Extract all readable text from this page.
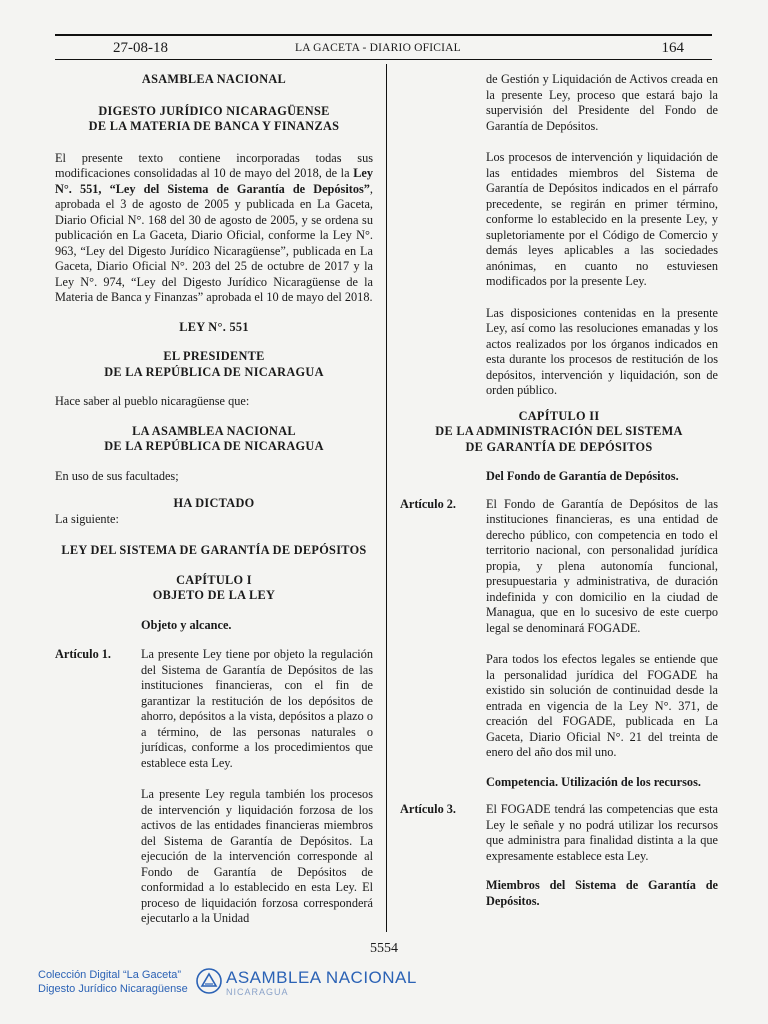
27-08-18	LA GACETA - DIARIO OFICIAL	164

ASAMBLEA NACIONAL

DIGESTO JURÍDICO NICARAGÜENSE

DE LA MATERIA DE BANCA Y FINANZAS

El presente texto contiene incorporadas todas sus modificaciones consolidadas al 10 de mayo del 2018, de la Ley N°. 551, “Ley del Sistema de Garantía de Depósitos”, aprobada el 3 de agosto de 2005 y publicada en La Gaceta, Diario Oficial N°. 168 del 30 de agosto de 2005, y se ordena su publicación en La Gaceta, Diario Oficial, conforme la Ley N°. 963, “Ley del Digesto Jurídico Nicaragüense”, publicada en La Gaceta, Diario Oficial N°. 203 del 25 de octubre de 2017 y la Ley N°. 974, “Ley del Digesto Jurídico Nicaragüense de la Materia de Banca y Finanzas” aprobada el 10 de mayo del 2018.

LEY N°. 551

EL PRESIDENTE

DE LA REPÚBLICA DE NICARAGUA

Hace saber al pueblo nicaragüense que:

LA ASAMBLEA NACIONAL

DE LA REPÚBLICA DE NICARAGUA

En uso de sus facultades;

HA DICTADO

La siguiente:

LEY DEL SISTEMA DE GARANTÍA DE DEPÓSITOS

CAPÍTULO I

OBJETO DE LA LEY

Objeto y alcance.

Artículo 1.	La presente Ley tiene por objeto la regulación del Sistema de Garantía de Depósitos de las instituciones financieras, con el fin de garantizar la restitución de los depósitos de ahorro, depósitos a la vista, depósitos a plazo o a término, de las personas naturales o jurídicas, conforme a los procedimientos que establece esta Ley.
La presente Ley regula también los procesos de intervención y liquidación forzosa de los activos de las entidades financieras miembros del Sistema de Garantía de Depósitos. La ejecución de la intervención corresponde al Fondo de Garantía de Depósitos de conformidad a lo establecido en esta Ley. El proceso de liquidación forzosa corresponderá ejecutarlo a la Unidad
de Gestión y Liquidación de Activos creada en la presente Ley, proceso que estará bajo la supervisión del Presidente del Fondo de Garantía de Depósitos.
Los procesos de intervención y liquidación de las entidades miembros del Sistema de Garantía de Depósitos indicados en el párrafo precedente, se regirán en primer término, conforme lo establecido en la presente Ley, y supletoriamente por el Código de Comercio y demás leyes aplicables a las sociedades anónimas, en cuanto no estuviesen modificados por la presente Ley.
Las disposiciones contenidas en la presente Ley, así como las resoluciones emanadas y los actos realizados por los órganos indicados en esta durante los procesos de restitución de los depósitos, intervención y liquidación, son de orden público.

CAPÍTULO II

DE LA ADMINISTRACIÓN DEL SISTEMA

DE GARANTÍA DE DEPÓSITOS

Del Fondo de Garantía de Depósitos.

Artículo 2.	El Fondo de Garantía de Depósitos de las instituciones financieras, es una entidad de derecho público, con competencia en todo el territorio nacional, con personalidad jurídica propia, y plena autonomía funcional, presupuestaria y administrativa, de duración indefinida y con domicilio en la ciudad de Managua, que en lo sucesivo de este cuerpo legal se denominará FOGADE.
Para todos los efectos legales se entiende que la personalidad jurídica del FOGADE ha existido sin solución de continuidad desde la entrada en vigencia de la Ley N°. 371, de creación del FOGADE, publicada en La Gaceta, Diario Oficial N°. 21 del treinta de enero del año dos mil uno.

Competencia. Utilización de los recursos.

Artículo 3.	El FOGADE tendrá las competencias que esta Ley le señale y no podrá utilizar los recursos que administra para finalidad distinta a la que expresamente establece esta Ley.
Miembros del Sistema de Garantía de Depósitos.
5554
Colección Digital “La Gaceta”
Digesto Jurídico Nicaragüense
ASAMBLEA NACIONAL
NICARAGUA
